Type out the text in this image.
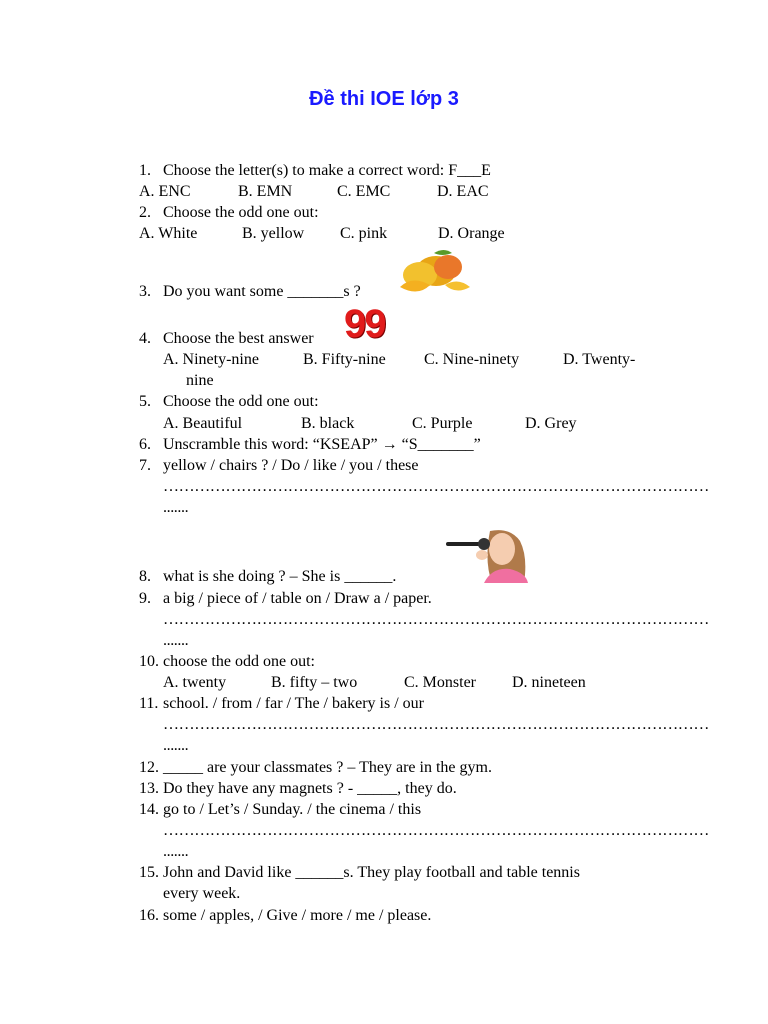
Đề thi IOE lớp 3
1. Choose the letter(s) to make a correct word: F___E
A. ENC	B. EMN	C. EMC	D. EAC
2. Choose the odd one out:
A. White	B. yellow C. pink	D. Orange
3. Do you want some _______s ?
4. Choose the best answer 99
A. Ninety-nine	B. Fifty-nine C. Nine-ninety	D. Twenty-
nine
5. Choose the odd one out:
A. Beautiful	B. black	C. Purple	D. Grey
6. Unscramble this word: “KSEAP” → “S_______”
7. yellow / chairs ? / Do / like / you / these
……………………………………………………………………………………………
.......
8. what is she doing ? – She is ______.
9. a big / piece of / table on / Draw a / paper.
……………………………………………………………………………………………
.......
10. choose the odd one out:
A. twenty	B. fifty – two	C. Monster D. nineteen
11. school. / from / far / The / bakery is / our
……………………………………………………………………………………………
.......
12. _____ are your classmates ? – They are in the gym.
13. Do they have any magnets ? - _____, they do.
14. go to / Let’s / Sunday. / the cinema / this
……………………………………………………………………………………………
.......
15. John and David like ______s. They play football and table tennis
every week.
16. some / apples, / Give / more / me / please.
